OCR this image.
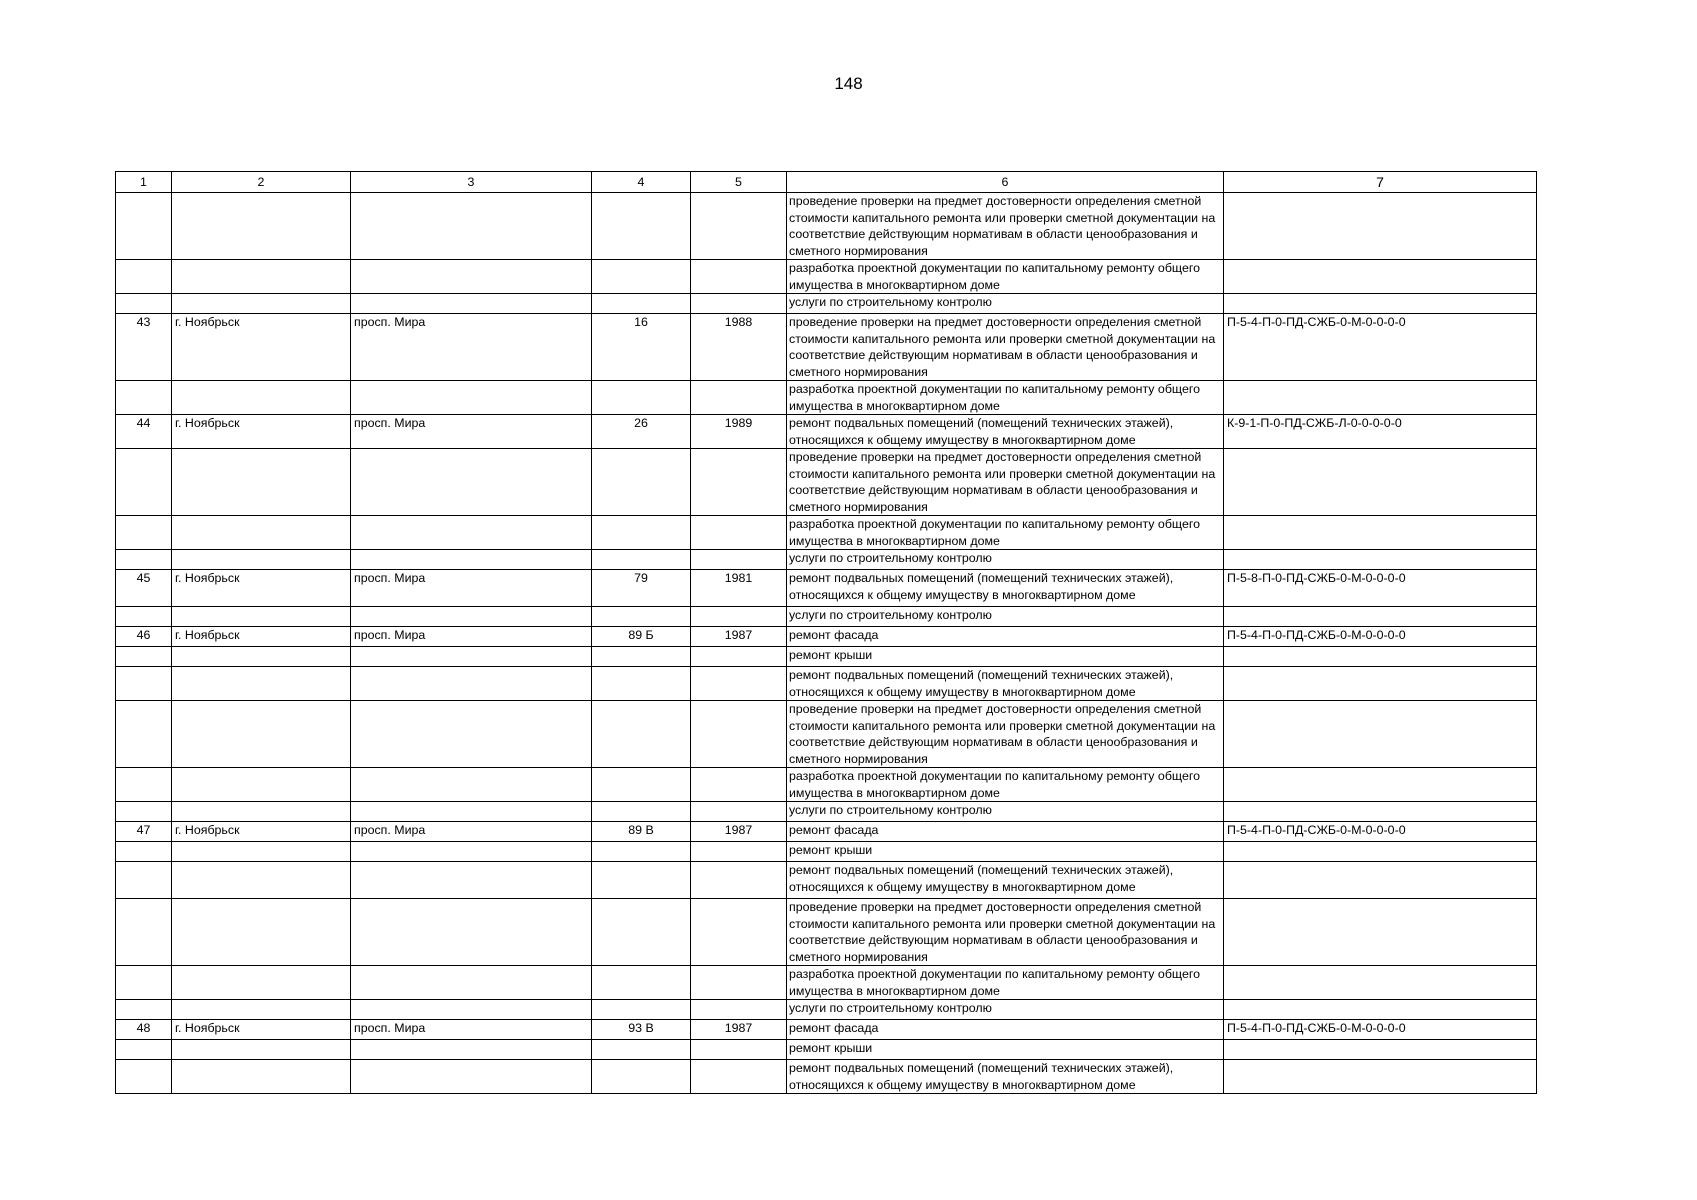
148
1	2	3	4	5	6	7
					проведение проверки на предмет достоверности определения сметной стоимости капитального ремонта или проверки сметной документации на соответствие действующим нормативам в области ценообразования и сметного нормирования	
					разработка проектной документации по капитальному ремонту общего имущества в многоквартирном доме	
					услуги по строительному контролю	
43	г. Ноябрьск	просп. Мира	16	1988	проведение проверки на предмет достоверности определения сметной стоимости капитального ремонта или проверки сметной документации на соответствие действующим нормативам в области ценообразования и сметного нормирования	П-5-4-П-0-ПД-СЖБ-0-М-0-0-0-0
					разработка проектной документации по капитальному ремонту общего имущества в многоквартирном доме	
44	г. Ноябрьск	просп. Мира	26	1989	ремонт подвальных помещений (помещений технических этажей), относящихся к общему имуществу в многоквартирном доме	К-9-1-П-0-ПД-СЖБ-Л-0-0-0-0-0
					проведение проверки на предмет достоверности определения сметной стоимости капитального ремонта или проверки сметной документации на соответствие действующим нормативам в области ценообразования и сметного нормирования	
					разработка проектной документации по капитальному ремонту общего имущества в многоквартирном доме	
					услуги по строительному контролю	
45	г. Ноябрьск	просп. Мира	79	1981	ремонт подвальных помещений (помещений технических этажей), относящихся к общему имуществу в многоквартирном доме	П-5-8-П-0-ПД-СЖБ-0-М-0-0-0-0
					услуги по строительному контролю	
46	г. Ноябрьск	просп. Мира	89 Б	1987	ремонт фасада	П-5-4-П-0-ПД-СЖБ-0-М-0-0-0-0
					ремонт крыши	
					ремонт подвальных помещений (помещений технических этажей), относящихся к общему имуществу в многоквартирном доме	
					проведение проверки на предмет достоверности определения сметной стоимости капитального ремонта или проверки сметной документации на соответствие действующим нормативам в области ценообразования и сметного нормирования	
					разработка проектной документации по капитальному ремонту общего имущества в многоквартирном доме	
					услуги по строительному контролю	
47	г. Ноябрьск	просп. Мира	89 В	1987	ремонт фасада	П-5-4-П-0-ПД-СЖБ-0-М-0-0-0-0
					ремонт крыши	
					ремонт подвальных помещений (помещений технических этажей), относящихся к общему имуществу в многоквартирном доме	
					проведение проверки на предмет достоверности определения сметной стоимости капитального ремонта или проверки сметной документации на соответствие действующим нормативам в области ценообразования и сметного нормирования	
					разработка проектной документации по капитальному ремонту общего имущества в многоквартирном доме	
					услуги по строительному контролю	
48	г. Ноябрьск	просп. Мира	93 В	1987	ремонт фасада	П-5-4-П-0-ПД-СЖБ-0-М-0-0-0-0
					ремонт крыши	
					ремонт подвальных помещений (помещений технических этажей), относящихся к общему имуществу в многоквартирном доме	
